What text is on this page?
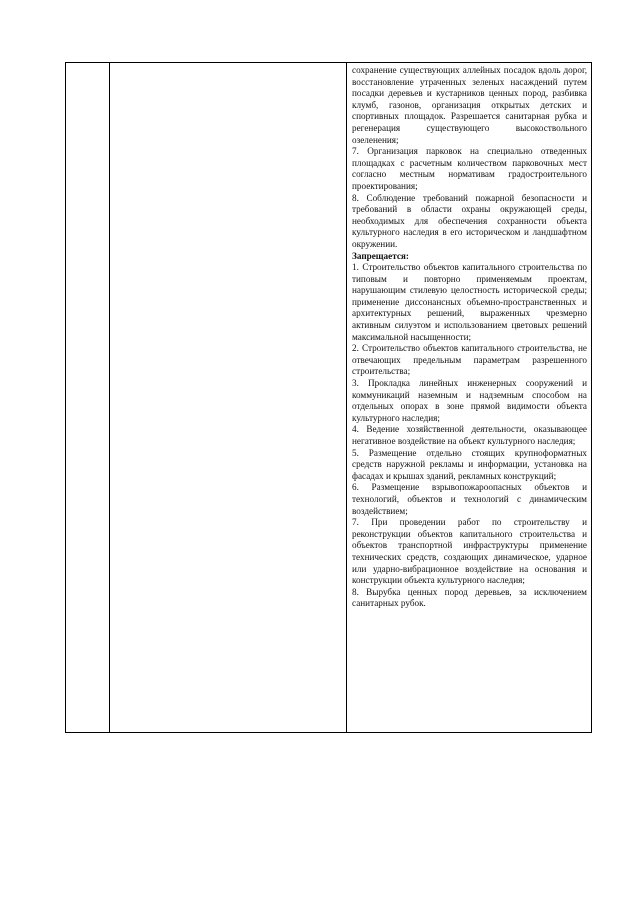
сохранение существующих аллейных посадок вдоль дорог, восстановление утраченных зеленых насаждений путем посадки деревьев и кустарников ценных пород, разбивка клумб, газонов, организация открытых детских и спортивных площадок. Разрешается санитарная рубка и регенерация существующего высокоствольного озеленения;

7. Организация парковок на специально отведенных площадках с расчетным количеством парковочных мест согласно местным нормативам градостроительного проектирования;

8. Соблюдение требований пожарной безопасности и требований в области охраны окружающей среды, необходимых для обеспечения сохранности объекта культурного наследия в его историческом и ландшафтном окружении.

Запрещается:

1. Строительство объектов капитального строительства по типовым и повторно применяемым проектам, нарушающим стилевую целостность исторической среды; применение диссонансных объемно-пространственных и архитектурных решений, выраженных чрезмерно активным силуэтом и использованием цветовых решений максимальной насыщенности;

2. Строительство объектов капитального строительства, не отвечающих предельным параметрам разрешенного строительства;

3. Прокладка линейных инженерных сооружений и коммуникаций наземным и надземным способом на отдельных опорах в зоне прямой видимости объекта культурного наследия;

4. Ведение хозяйственной деятельности, оказывающее негативное воздействие на объект культурного наследия;

5. Размещение отдельно стоящих крупноформатных средств наружной рекламы и информации, установка на фасадах и крышах зданий, рекламных конструкций;

6. Размещение взрывопожароопасных объектов и технологий, объектов и технологий с динамическим воздействием;

7. При проведении работ по строительству и реконструкции объектов капитального строительства и объектов транспортной инфраструктуры применение технических средств, создающих динамическое, ударное или ударно-вибрационное воздействие на основания и конструкции объекта культурного наследия;

8. Вырубка ценных пород деревьев, за исключением санитарных рубок.
